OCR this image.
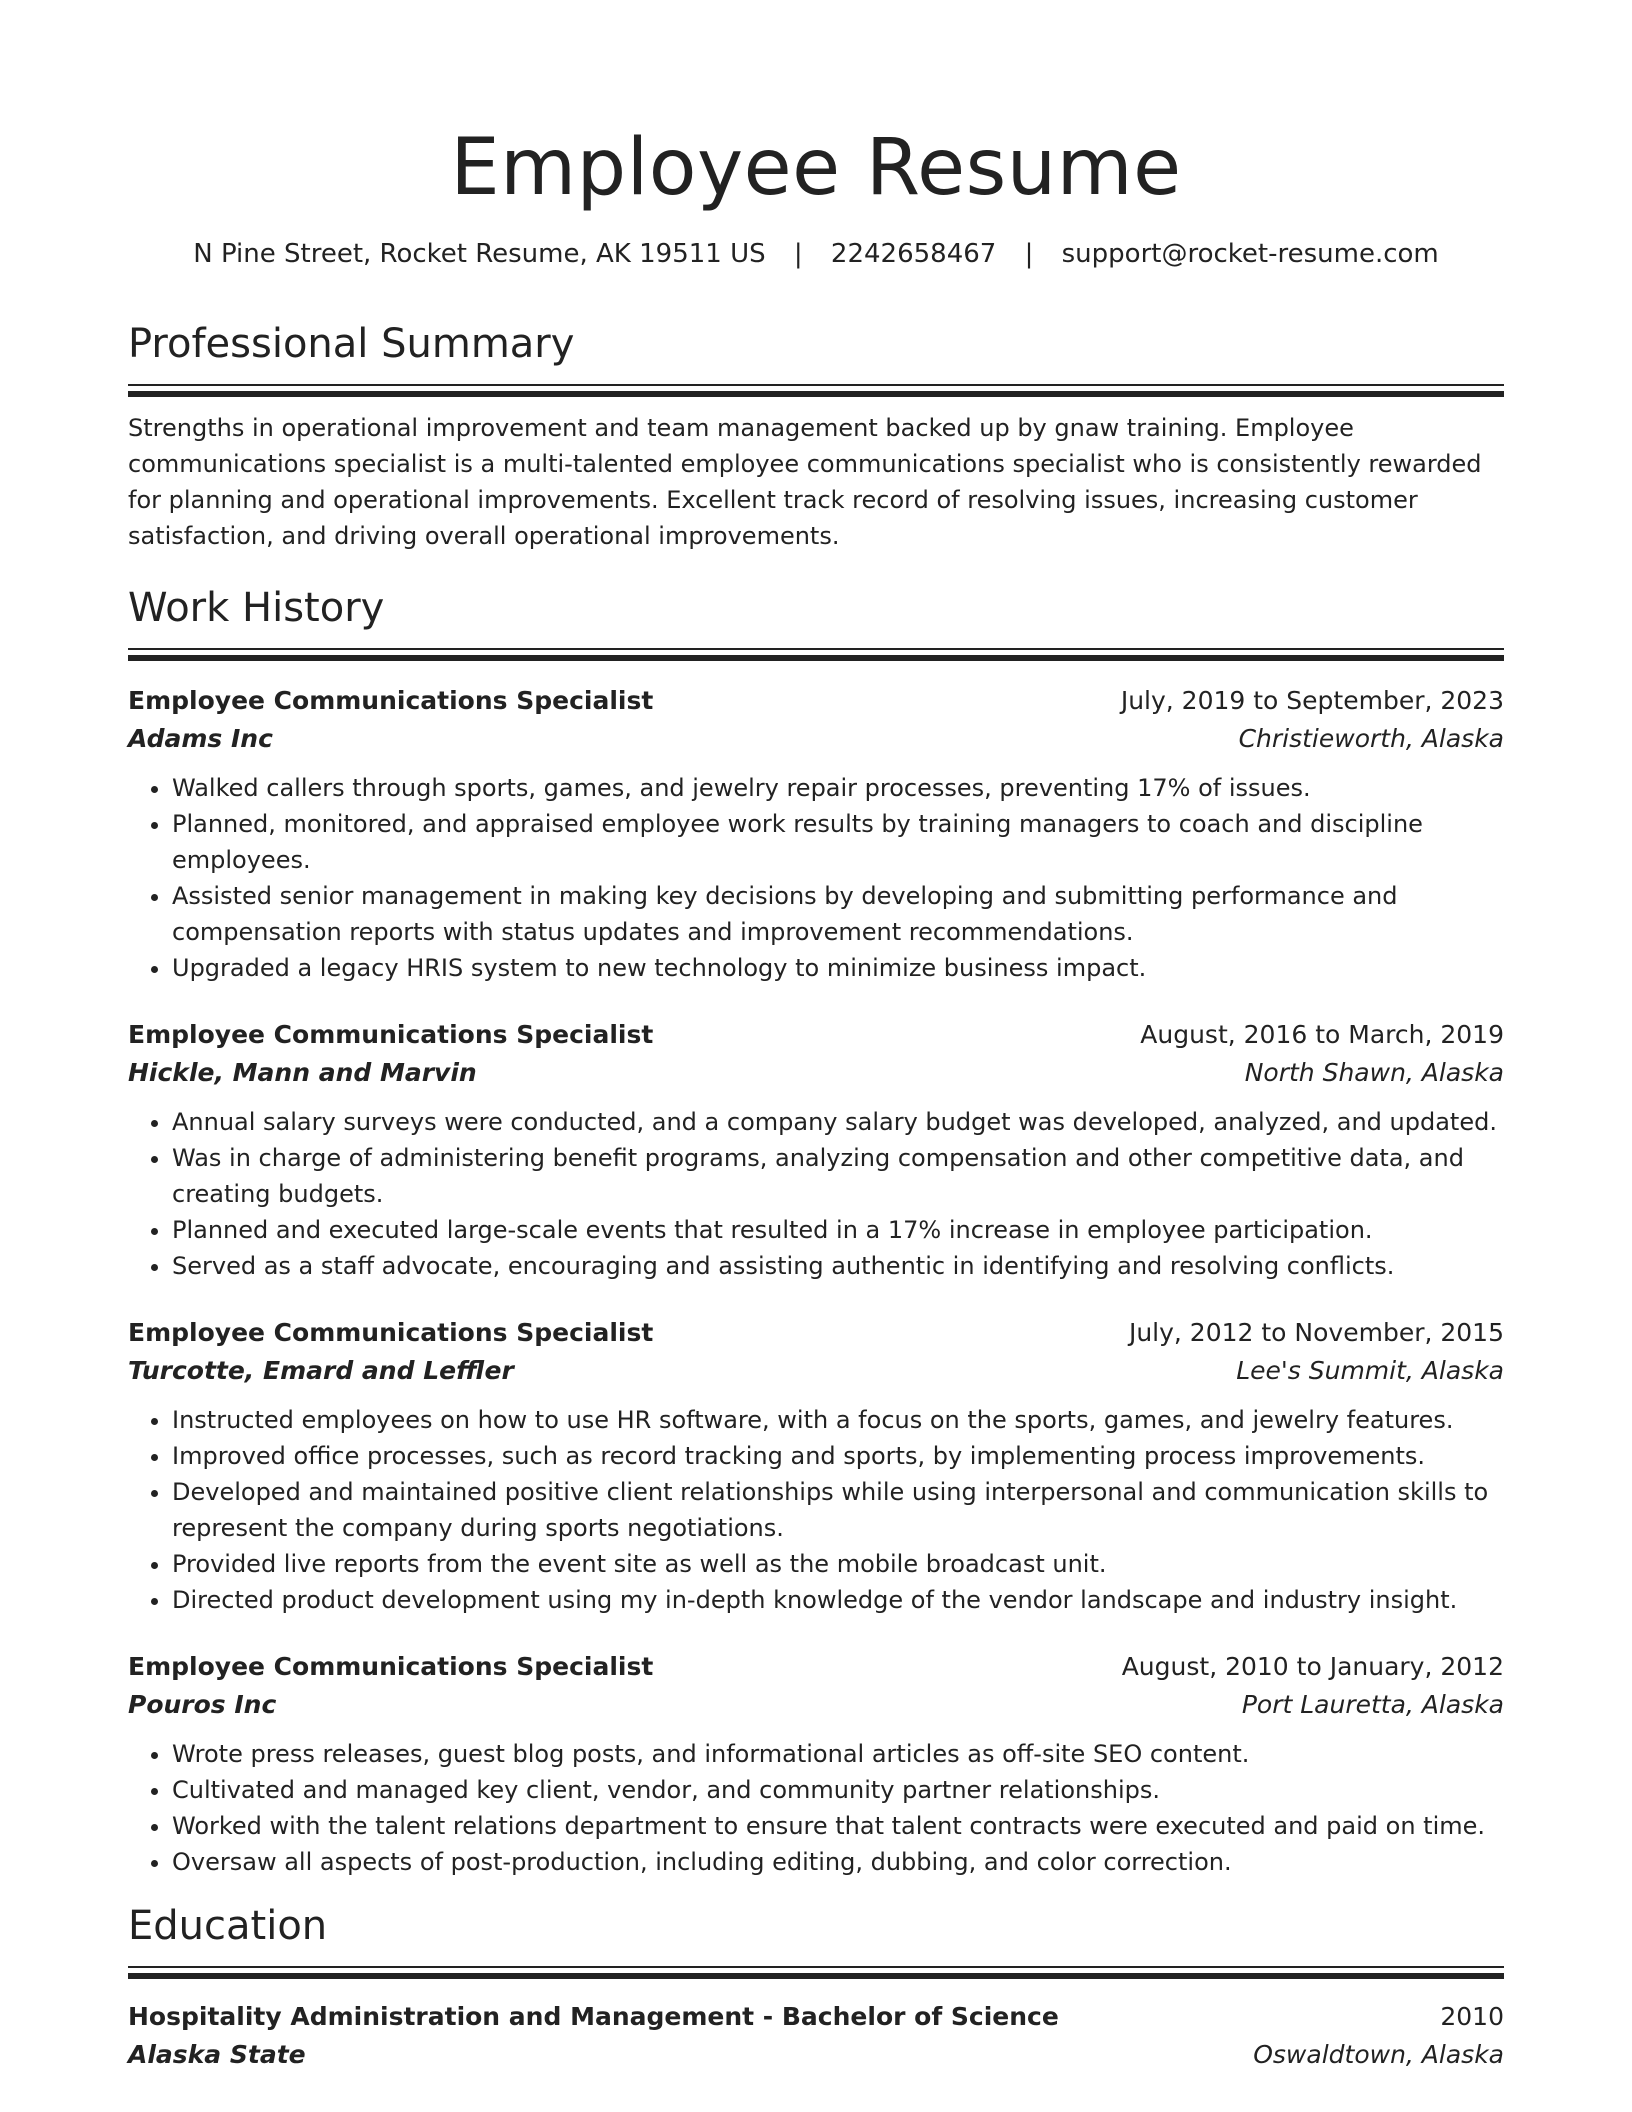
Employee Resume
N Pine Street, Rocket Resume, AK 19511 US | 2242658467 | support@rocket-resume.com
Professional Summary

Strengths in operational improvement and team management backed up by gnaw training. Employee communications specialist is a multi-talented employee communications specialist who is consistently rewarded for planning and operational improvements. Excellent track record of resolving issues, increasing customer satisfaction, and driving overall operational improvements.

Work History
Employee Communications Specialist	July, 2019 to September, 2023
Adams Inc	Christieworth, Alaska
• Walked callers through sports, games, and jewelry repair processes, preventing 17% of issues.
• Planned, monitored, and appraised employee work results by training managers to coach and discipline employees.
• Assisted senior management in making key decisions by developing and submitting performance and compensation reports with status updates and improvement recommendations.
• Upgraded a legacy HRIS system to new technology to minimize business impact.
Employee Communications Specialist	August, 2016 to March, 2019
Hickle, Mann and Marvin	North Shawn, Alaska
• Annual salary surveys were conducted, and a company salary budget was developed, analyzed, and updated.
• Was in charge of administering benefit programs, analyzing compensation and other competitive data, and creating budgets.
• Planned and executed large-scale events that resulted in a 17% increase in employee participation.
• Served as a staff advocate, encouraging and assisting authentic in identifying and resolving conflicts.
Employee Communications Specialist	July, 2012 to November, 2015
Turcotte, Emard and Leffler	Lee's Summit, Alaska
• Instructed employees on how to use HR software, with a focus on the sports, games, and jewelry features.
• Improved office processes, such as record tracking and sports, by implementing process improvements.
• Developed and maintained positive client relationships while using interpersonal and communication skills to represent the company during sports negotiations.
• Provided live reports from the event site as well as the mobile broadcast unit.
• Directed product development using my in-depth knowledge of the vendor landscape and industry insight.
Employee Communications Specialist	August, 2010 to January, 2012
Pouros Inc	Port Lauretta, Alaska
• Wrote press releases, guest blog posts, and informational articles as off-site SEO content.
• Cultivated and managed key client, vendor, and community partner relationships.
• Worked with the talent relations department to ensure that talent contracts were executed and paid on time.
• Oversaw all aspects of post-production, including editing, dubbing, and color correction.
Education
Hospitality Administration and Management - Bachelor of Science	2010
Alaska State	Oswaldtown, Alaska
